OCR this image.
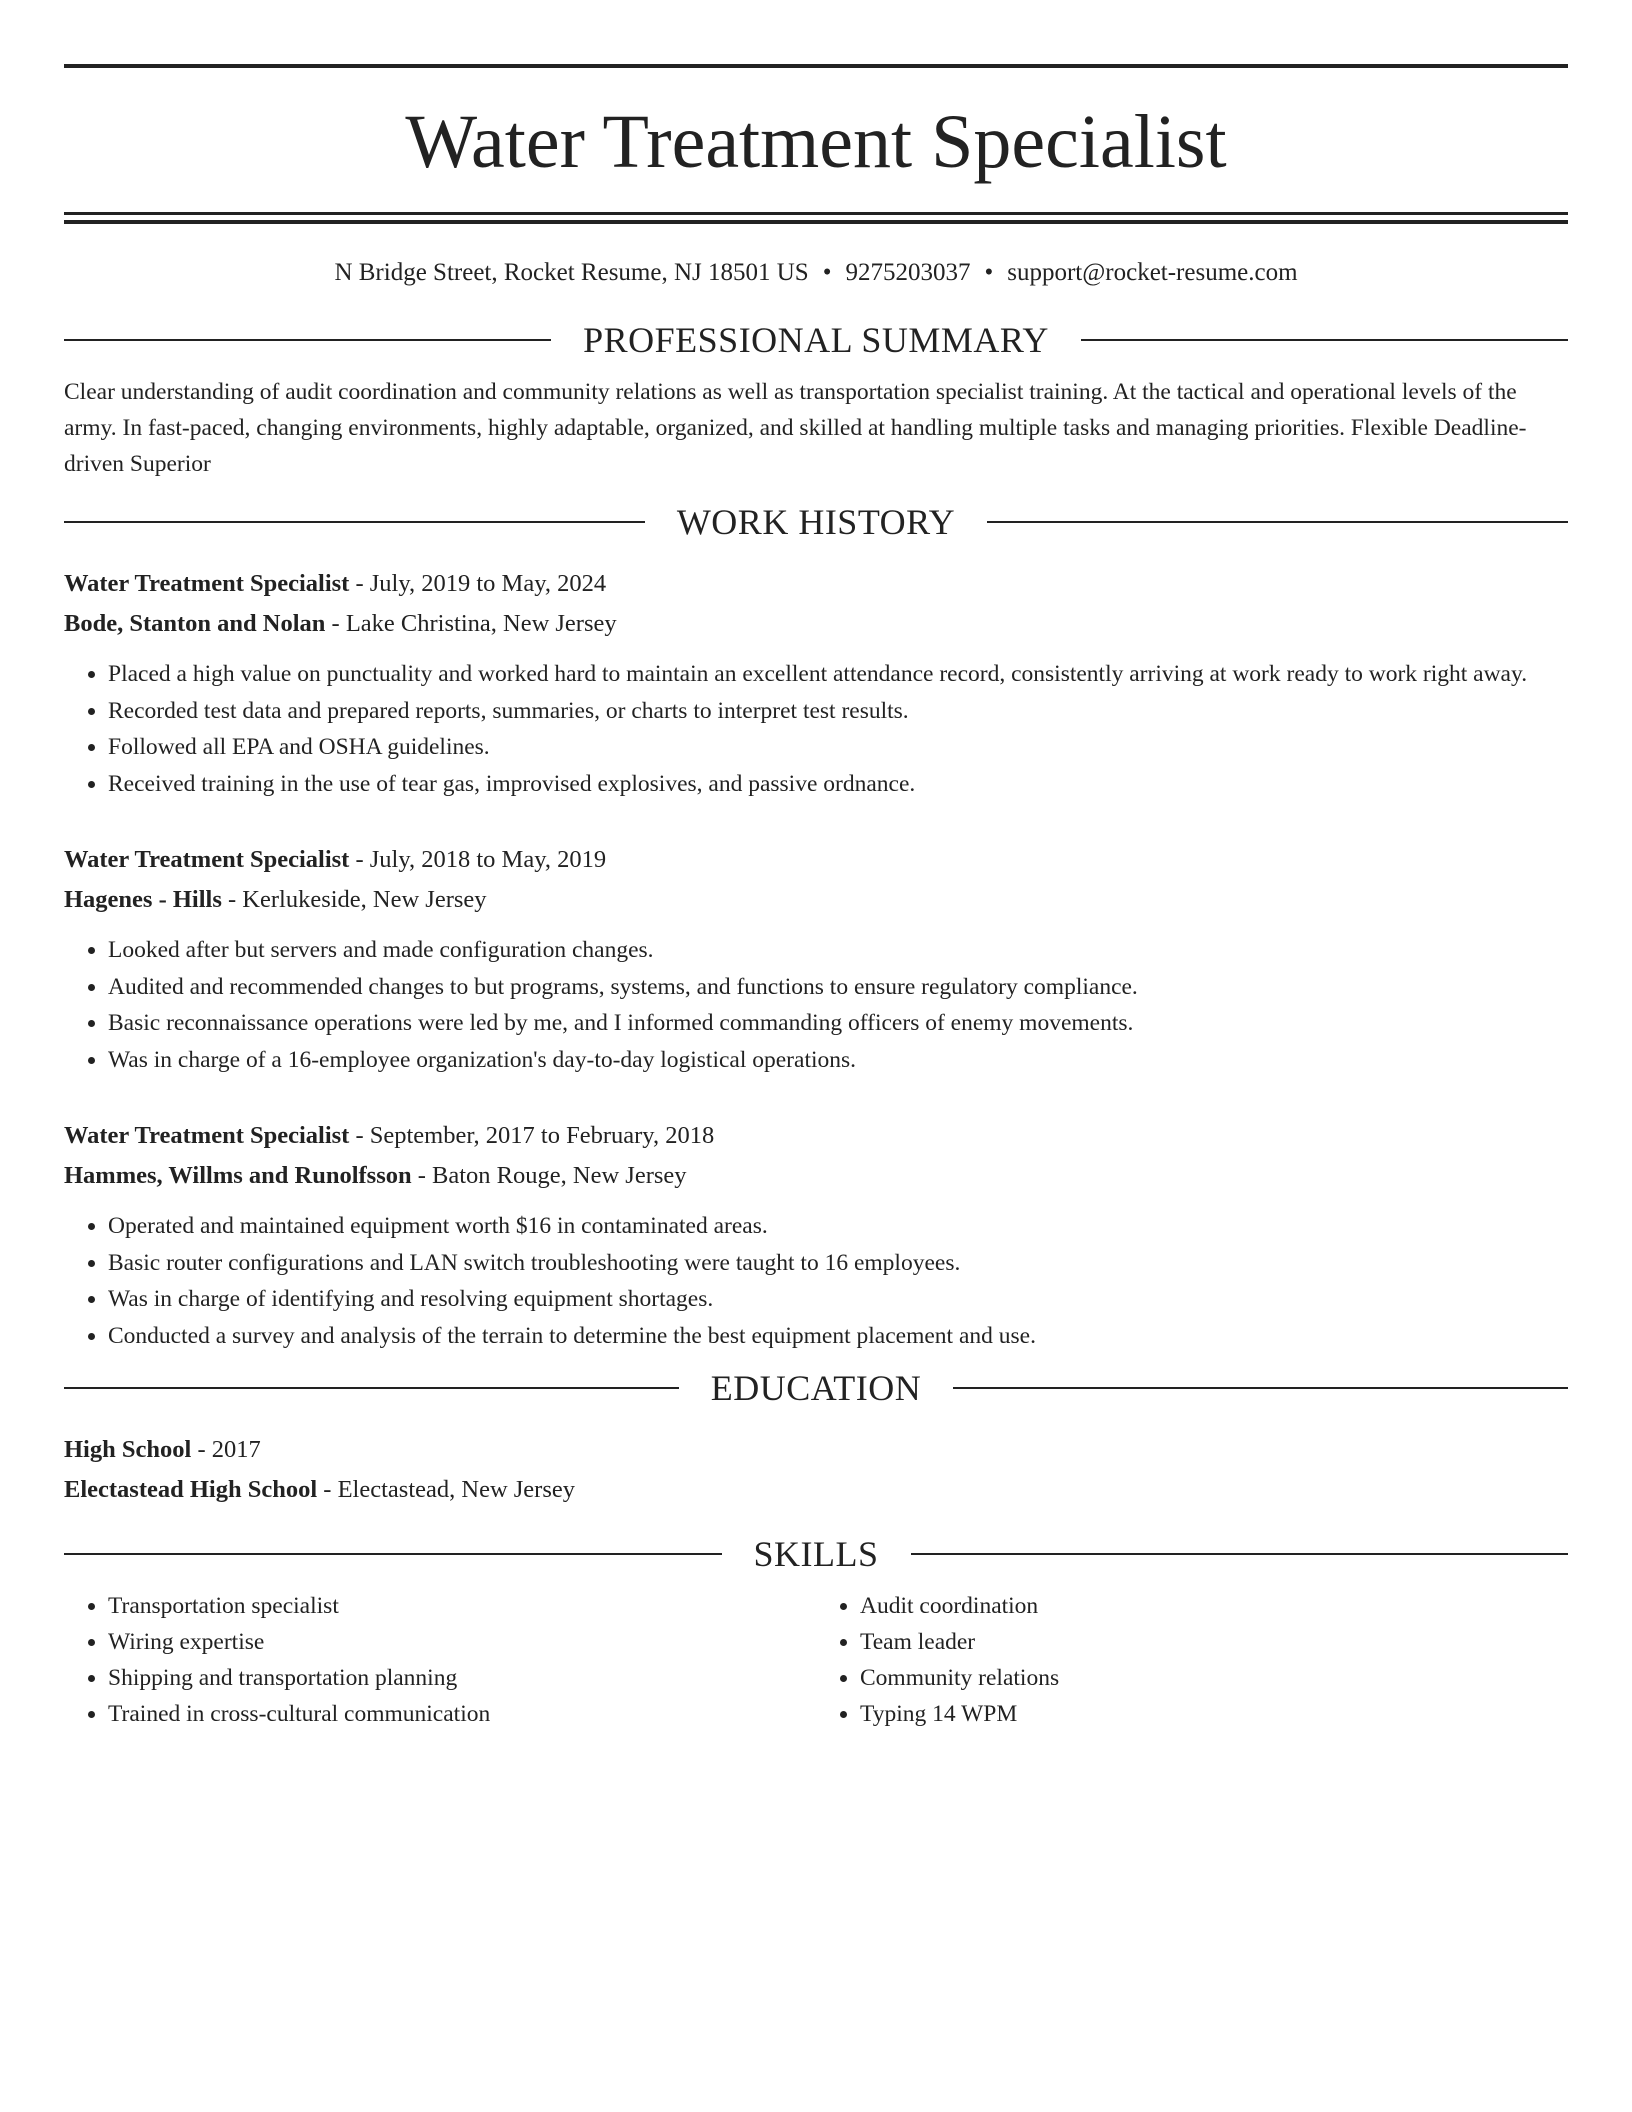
Water Treatment Specialist
N Bridge Street, Rocket Resume, NJ 18501 US • 9275203037 • support@rocket-resume.com
PROFESSIONAL SUMMARY
Clear understanding of audit coordination and community relations as well as transportation specialist training. At the tactical and operational levels of the army. In fast-paced, changing environments, highly adaptable, organized, and skilled at handling multiple tasks and managing priorities. Flexible Deadline-driven Superior
WORK HISTORY
Water Treatment Specialist - July, 2019 to May, 2024
Bode, Stanton and Nolan - Lake Christina, New Jersey
• Placed a high value on punctuality and worked hard to maintain an excellent attendance record, consistently arriving at work ready to work right away.
• Recorded test data and prepared reports, summaries, or charts to interpret test results.
• Followed all EPA and OSHA guidelines.
• Received training in the use of tear gas, improvised explosives, and passive ordnance.
Water Treatment Specialist - July, 2018 to May, 2019
Hagenes - Hills - Kerlukeside, New Jersey
• Looked after but servers and made configuration changes.
• Audited and recommended changes to but programs, systems, and functions to ensure regulatory compliance.
• Basic reconnaissance operations were led by me, and I informed commanding officers of enemy movements.
• Was in charge of a 16-employee organization's day-to-day logistical operations.
Water Treatment Specialist - September, 2017 to February, 2018
Hammes, Willms and Runolfsson - Baton Rouge, New Jersey
• Operated and maintained equipment worth $16 in contaminated areas.
• Basic router configurations and LAN switch troubleshooting were taught to 16 employees.
• Was in charge of identifying and resolving equipment shortages.
• Conducted a survey and analysis of the terrain to determine the best equipment placement and use.
EDUCATION
High School - 2017
Electastead High School - Electastead, New Jersey
SKILLS
• Transportation specialist
• Wiring expertise
• Shipping and transportation planning
• Trained in cross-cultural communication
• Audit coordination
• Team leader
• Community relations
• Typing 14 WPM
